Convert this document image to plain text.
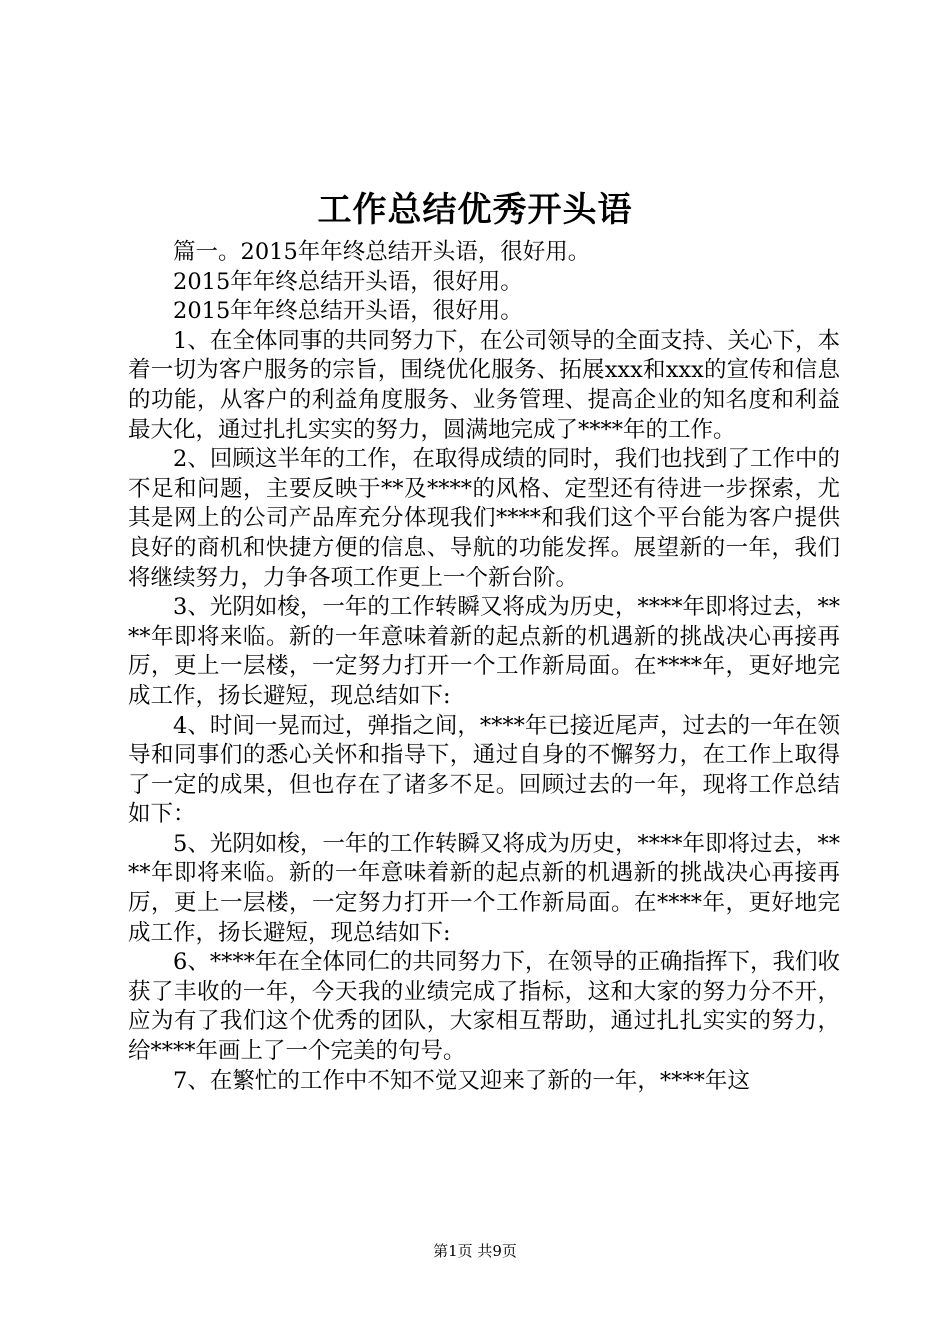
工作总结优秀开头语

篇一。2015年年终总结开头语，很好用。

2015年年终总结开头语，很好用。

2015年年终总结开头语，很好用。

1、在全体同事的共同努力下，在公司领导的全面支持、关心下，本着一切为客户服务的宗旨，围绕优化服务、拓展xxx和xxx的宣传和信息的功能，从客户的利益角度服务、业务管理、提高企业的知名度和利益最大化，通过扎扎实实的努力，圆满地完成了****年的工作。

2、回顾这半年的工作，在取得成绩的同时，我们也找到了工作中的不足和问题，主要反映于**及****的风格、定型还有待进一步探索，尤其是网上的公司产品库充分体现我们****和我们这个平台能为客户提供良好的商机和快捷方便的信息、导航的功能发挥。展望新的一年，我们将继续努力，力争各项工作更上一个新台阶。

3、光阴如梭，一年的工作转瞬又将成为历史，****年即将过去，****年即将来临。新的一年意味着新的起点新的机遇新的挑战决心再接再厉，更上一层楼，一定努力打开一个工作新局面。在****年，更好地完成工作，扬长避短，现总结如下:

4、时间一晃而过，弹指之间，****年已接近尾声，过去的一年在领导和同事们的悉心关怀和指导下，通过自身的不懈努力，在工作上取得了一定的成果，但也存在了诸多不足。回顾过去的一年，现将工作总结如下：

5、光阴如梭，一年的工作转瞬又将成为历史，****年即将过去，****年即将来临。新的一年意味着新的起点新的机遇新的挑战决心再接再厉，更上一层楼，一定努力打开一个工作新局面。在****年，更好地完成工作，扬长避短，现总结如下:

6、****年在全体同仁的共同努力下，在领导的正确指挥下，我们收获了丰收的一年，今天我的业绩完成了指标，这和大家的努力分不开，应为有了我们这个优秀的团队，大家相互帮助，通过扎扎实实的努力，给****年画上了一个完美的句号。

7、在繁忙的工作中不知不觉又迎来了新的一年，****年这

第1页 共9页
